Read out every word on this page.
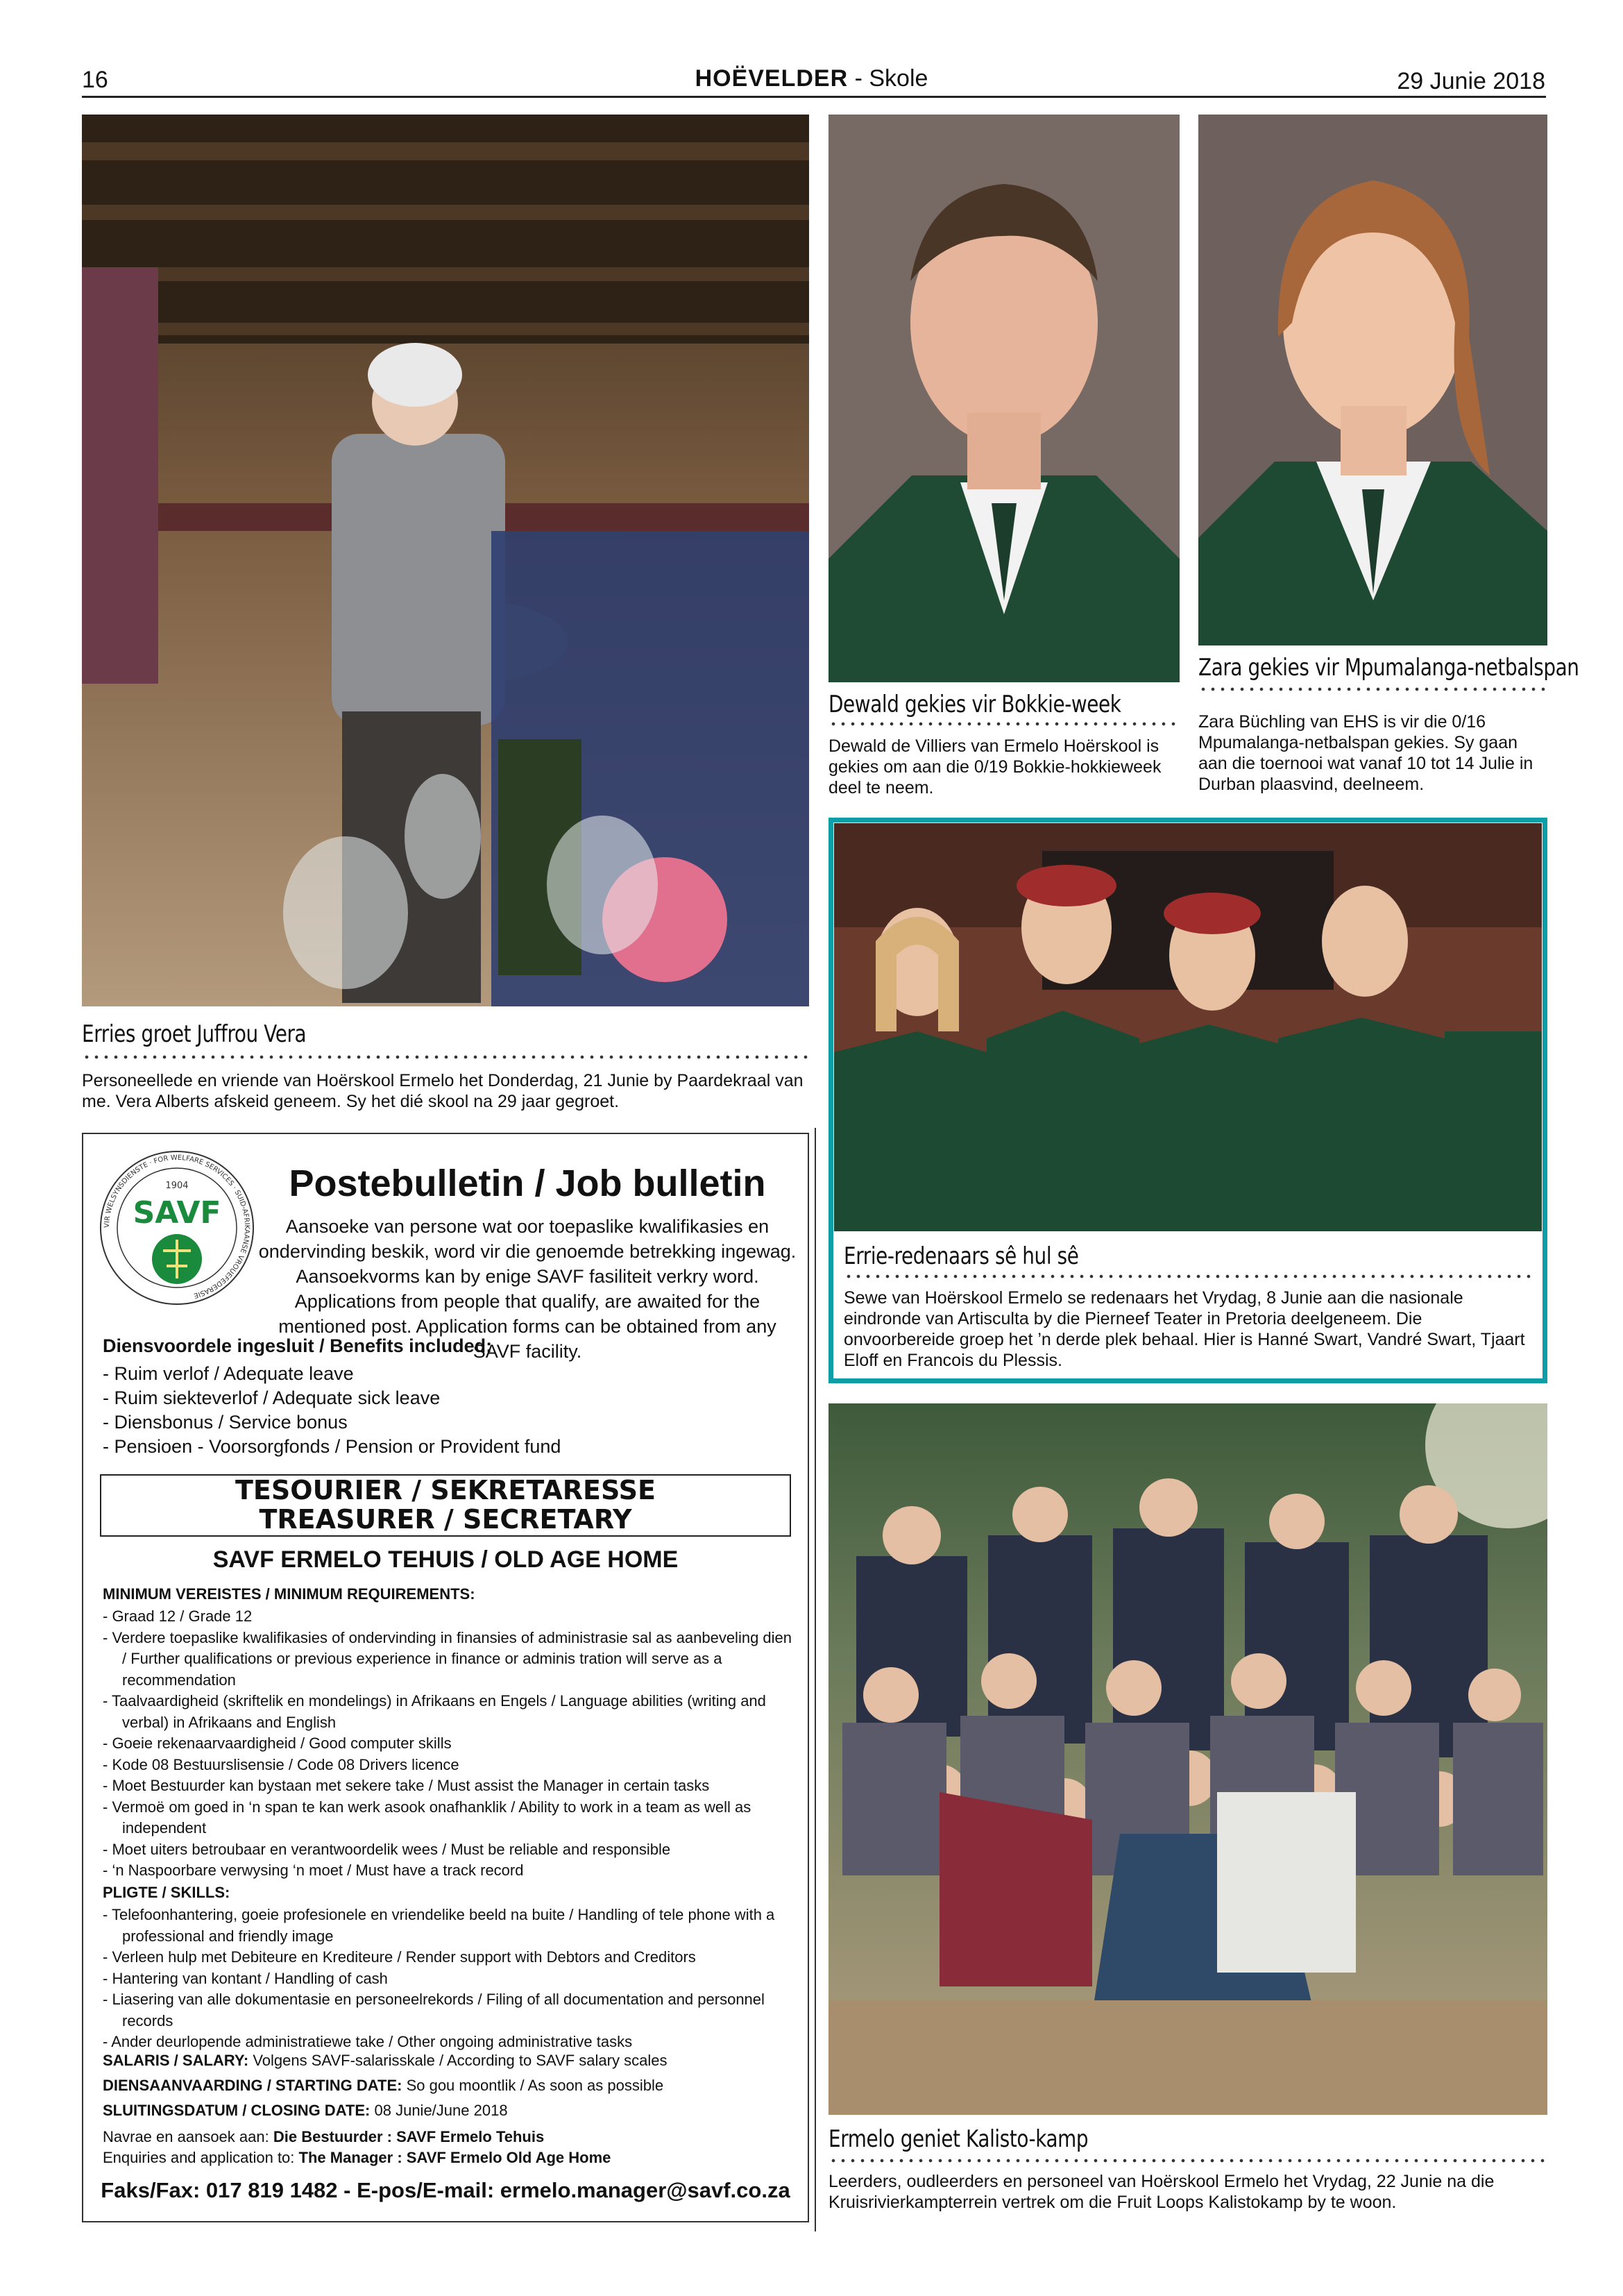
16	HOËVELDER - Skole	29 Junie 2018
Erries groet Juffrou Vera
Personeellede en vriende van Hoërskool Ermelo het Donderdag, 21 Junie by Paardekraal van me. Vera Alberts afskeid geneem. Sy het dié skool na 29 jaar gegroet.
Dewald gekies vir Bokkie-week
Dewald de Villiers van Ermelo Hoërskool is gekies om aan die 0/19 Bokkie-hokkieweek deel te neem.
Zara gekies vir Mpumalanga-netbalspan
Zara Büchling van EHS is vir die 0/16 Mpumalanga-netbalspan gekies. Sy gaan aan die toernooi wat vanaf 10 tot 14 Julie in Durban plaasvind, deelneem.
Errie-redenaars sê hul sê
Sewe van Hoërskool Ermelo se redenaars het Vrydag, 8 Junie aan die nasionale eindronde van Artisculta by die Pierneef Teater in Pretoria deelgeneem. Die onvoorbereide groep het ’n derde plek behaal. Hier is Hanné Swart, Vandré Swart, Tjaart Eloff en Francois du Plessis.
Ermelo geniet Kalisto-kamp
Leerders, oudleerders en personeel van Hoërskool Ermelo het Vrydag, 22 Junie na die Kruisrivierkampterrein vertrek om die Fruit Loops Kalistokamp by te woon.
VIR WELSYNSDIENSTE · FOR WELFARE SERVICES · SUID-AFRIKAANSE VROUEFEDERASIE
1904
SAVF
Postebulletin / Job bulletin
Aansoeke van persone wat oor toepaslike kwalifikasies en ondervinding beskik, word vir die genoemde betrekking ingewag. Aansoekvorms kan by enige SAVF fasiliteit verkry word. Applications from people that qualify, are awaited for the mentioned post. Application forms can be obtained from any SAVF facility.
Diensvoordele ingesluit / Benefits included:
- Ruim verlof / Adequate leave
- Ruim siekteverlof / Adequate sick leave
- Diensbonus / Service bonus
- Pensioen - Voorsorgfonds / Pension or Provident fund
TESOURIER / SEKRETARESSE
TREASURER / SECRETARY
SAVF ERMELO TEHUIS / OLD AGE HOME
MINIMUM VEREISTES / MINIMUM REQUIREMENTS:
- Graad 12 / Grade 12
- Verdere toepaslike kwalifikasies of ondervinding in finansies of administrasie sal as aanbeveling dien / Further qualifications or previous experience in finance or adminis tration will serve as a recommendation
- Taalvaardigheid (skriftelik en mondelings) in Afrikaans en Engels / Language abilities (writing and verbal) in Afrikaans and English
- Goeie rekenaarvaardigheid / Good computer skills
- Kode 08 Bestuurslisensie / Code 08 Drivers licence
- Moet Bestuurder kan bystaan met sekere take / Must assist the Manager in certain tasks
- Vermoë om goed in ‘n span te kan werk asook onafhanklik / Ability to work in a team as well as independent
- Moet uiters betroubaar en verantwoordelik wees / Must be reliable and responsible
- ‘n Naspoorbare verwysing ‘n moet / Must have a track record
PLIGTE / SKILLS:
- Telefoonhantering, goeie profesionele en vriendelike beeld na buite / Handling of tele phone with a professional and friendly image
- Verleen hulp met Debiteure en Krediteure / Render support with Debtors and Creditors
- Hantering van kontant / Handling of cash
- Liasering van alle dokumentasie en personeelrekords / Filing of all documentation and personnel records
- Ander deurlopende administratiewe take / Other ongoing administrative tasks
SALARIS / SALARY: Volgens SAVF-salarisskale / According to SAVF salary scales
DIENSAANVAARDING / STARTING DATE: So gou moontlik / As soon as possible
SLUITINGSDATUM / CLOSING DATE: 08 Junie/June 2018
Navrae en aansoek aan: Die Bestuurder : SAVF Ermelo Tehuis
Enquiries and application to: The Manager : SAVF Ermelo Old Age Home
Faks/Fax: 017 819 1482 - E-pos/E-mail: ermelo.manager@savf.co.za
